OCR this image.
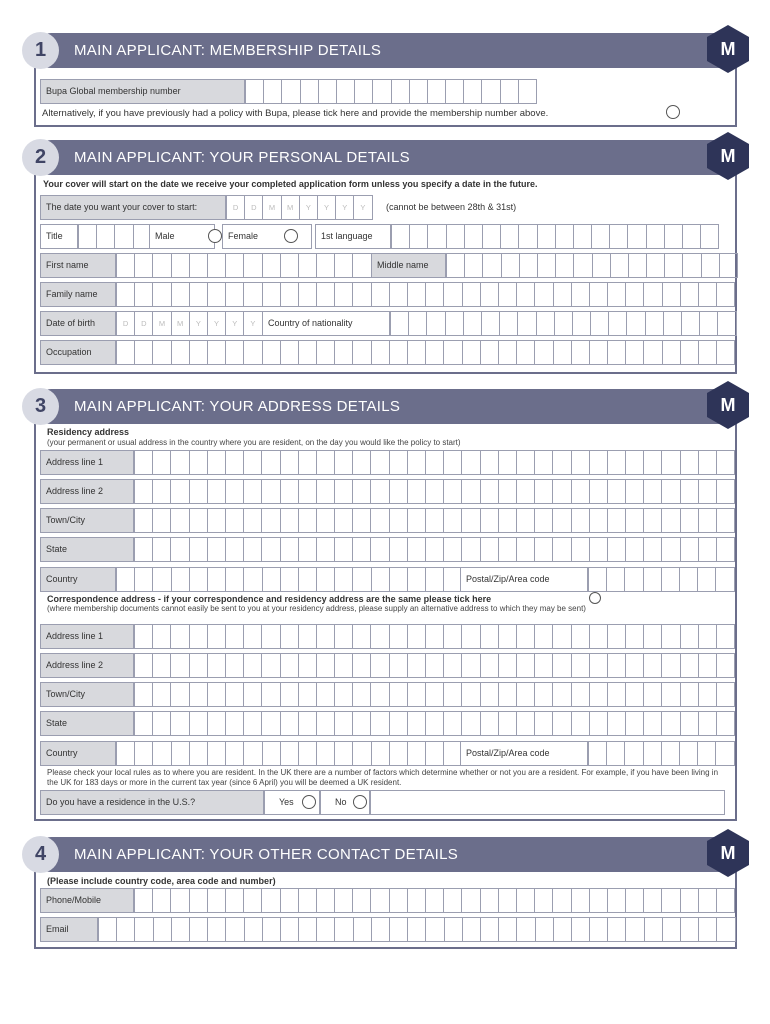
1	MAIN APPLICANT: MEMBERSHIP DETAILS	M
Bupa Global membership number
Alternatively, if you have previously had a policy with Bupa, please tick here and provide the membership number above.
2	MAIN APPLICANT: YOUR PERSONAL DETAILS	M
Your cover will start on the date we receive your completed application form unless you specify a date in the future.
The date you want your cover to start:	D	D	M	M	Y	Y	Y	Y	(cannot be between 28th & 31st)
Title	Male	Female	1st language
First name	Middle name
Family name
Date of birth	D	D	M	M	Y	Y	Y	Y	Country of nationality
Occupation
3	MAIN APPLICANT: YOUR ADDRESS DETAILS	M
Residency address
(your permanent or usual address in the country where you are resident, on the day you would like the policy to start)
Address line 1
Address line 2
Town/City
State
Country	Postal/Zip/Area code
Correspondence address - if your correspondence and residency address are the same please tick here
(where membership documents cannot easily be sent to you at your residency address, please supply an alternative address to which they may be sent)
Address line 1
Address line 2
Town/City
State
Country	Postal/Zip/Area code
Please check your local rules as to where you are resident. In the UK there are a number of factors which determine whether or not you are a resident. For example, if you have been living in the UK for 183 days or more in the current tax year (since 6 April) you will be deemed a UK resident.
Do you have a residence in the U.S.?	Yes	No
4	MAIN APPLICANT: YOUR OTHER CONTACT DETAILS	M
(Please include country code, area code and number)
Phone/Mobile
Email
